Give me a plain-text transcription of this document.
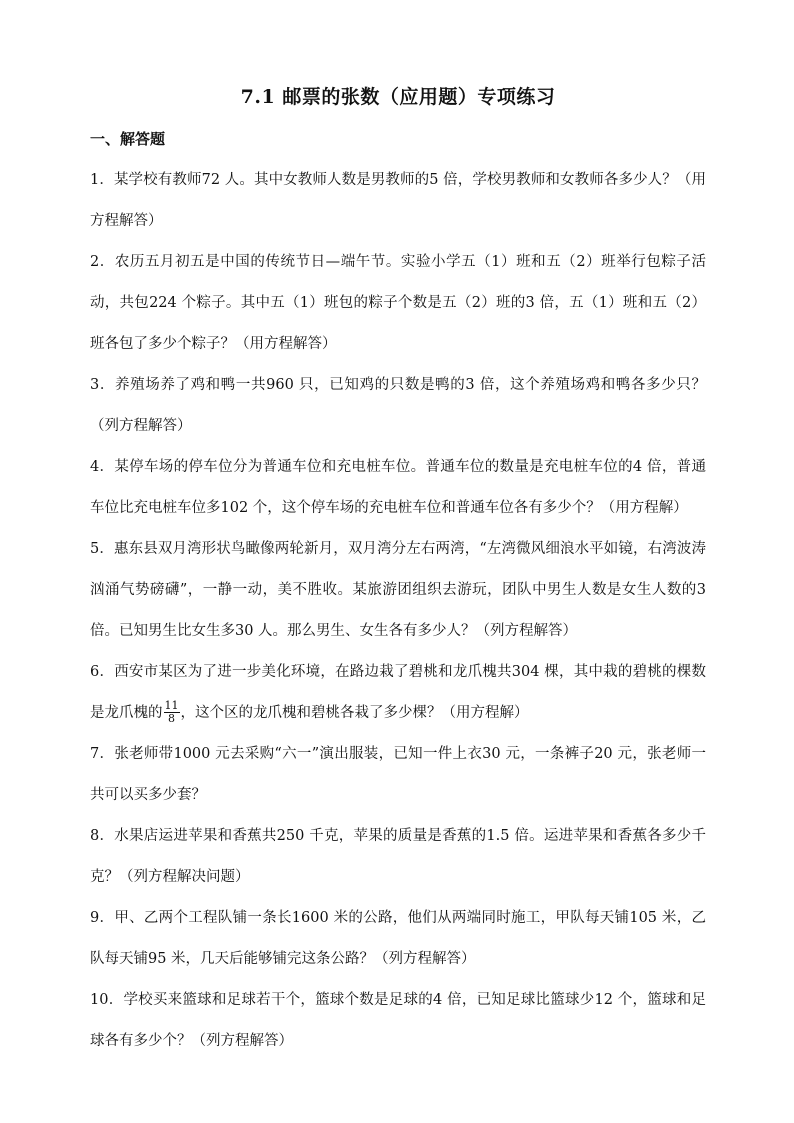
7.1 邮票的张数（应用题）专项练习
一、解答题

1．某学校有教师72 人。其中女教师人数是男教师的5 倍，学校男教师和女教师各多少人？（用方程解答）

2．农历五月初五是中国的传统节日—端午节。实验小学五（1）班和五（2）班举行包粽子活动，共包224 个粽子。其中五（1）班包的粽子个数是五（2）班的3 倍，五（1）班和五（2）班各包了多少个粽子？（用方程解答）

3．养殖场养了鸡和鸭一共960 只，已知鸡的只数是鸭的3 倍，这个养殖场鸡和鸭各多少只？（列方程解答）

4．某停车场的停车位分为普通车位和充电桩车位。普通车位的数量是充电桩车位的4 倍，普通车位比充电桩车位多102 个，这个停车场的充电桩车位和普通车位各有多少个？（用方程解）

5．惠东县双月湾形状鸟瞰像两轮新月，双月湾分左右两湾，“左湾微风细浪水平如镜，右湾波涛汹涌气势磅礴”，一静一动，美不胜收。某旅游团组织去游玩，团队中男生人数是女生人数的3倍。已知男生比女生多30 人。那么男生、女生各有多少人？（列方程解答）

6．西安市某区为了进一步美化环境，在路边栽了碧桃和龙爪槐共304 棵，其中栽的碧桃的棵数是龙爪槐的 $\frac{11}{8}$ ，这个区的龙爪槐和碧桃各栽了多少棵？（用方程解）

7．张老师带1000 元去采购“六一”演出服装，已知一件上衣30 元，一条裤子20 元，张老师一共可以买多少套？

8．水果店运进苹果和香蕉共250 千克，苹果的质量是香蕉的1.5 倍。运进苹果和香蕉各多少千克？（列方程解决问题）

9．甲、乙两个工程队铺一条长1600 米的公路，他们从两端同时施工，甲队每天铺105 米，乙队每天铺95 米，几天后能够铺完这条公路？（列方程解答）

10．学校买来篮球和足球若干个，篮球个数是足球的4 倍，已知足球比篮球少12 个，篮球和足球各有多少个？（列方程解答）
